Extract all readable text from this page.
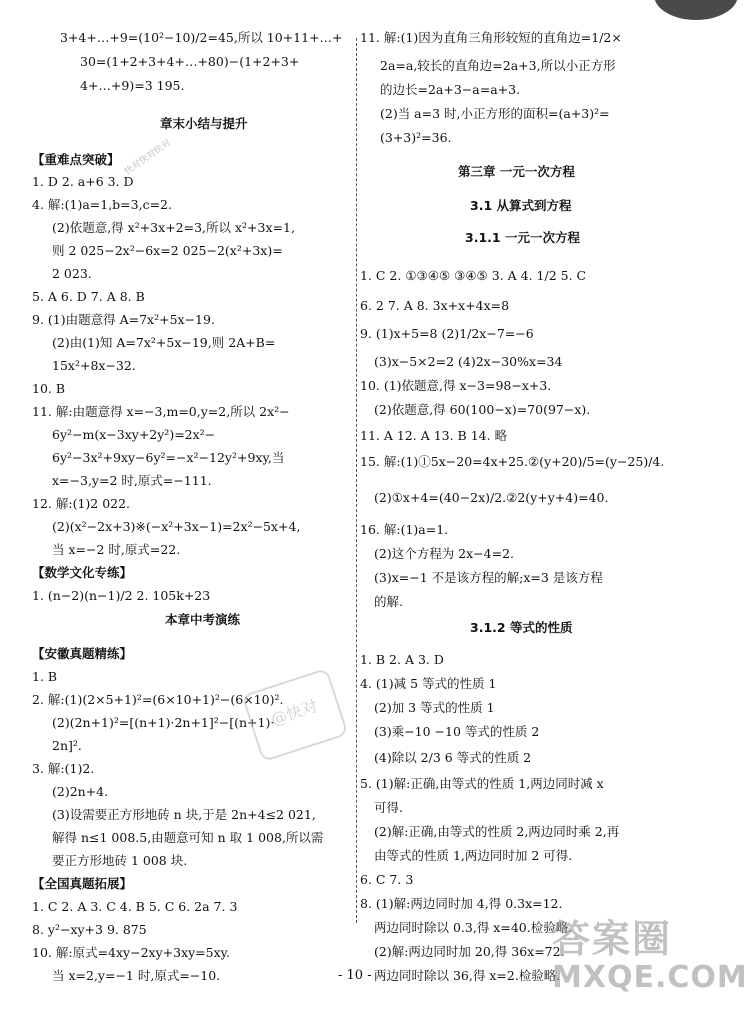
3+4+…+9=(10²−10)/2=45,所以 10+11+…+
30=(1+2+3+4+…+80)−(1+2+3+
4+…+9)=3 195.
章末小结与提升
【重难点突破】
1. D 2. a+6 3. D
4. 解:(1)a=1,b=3,c=2.
(2)依题意,得 x²+3x+2=3,所以 x²+3x=1,
则 2 025−2x²−6x=2 025−2(x²+3x)=
2 023.
5. A 6. D 7. A 8. B
9. (1)由题意得 A=7x²+5x−19.
(2)由(1)知 A=7x²+5x−19,则 2A+B=
15x²+8x−32.
10. B
11. 解:由题意得 x=−3,m=0,y=2,所以 2x²−
6y²−m(x−3xy+2y²)=2x²−
6y²−3x²+9xy−6y²=−x²−12y²+9xy,当
x=−3,y=2 时,原式=−111.
12. 解:(1)2 022.
(2)(x²−2x+3)※(−x²+3x−1)=2x²−5x+4,
当 x=−2 时,原式=22.
【数学文化专练】
1. (n−2)(n−1)/2 2. 105k+23
本章中考演练
【安徽真题精练】
1. B
2. 解:(1)(2×5+1)²=(6×10+1)²−(6×10)².
(2)(2n+1)²=[(n+1)·2n+1]²−[(n+1)·
2n]².
3. 解:(1)2.
(2)2n+4.
(3)设需要正方形地砖 n 块,于是 2n+4≤2 021,
解得 n≤1 008.5,由题意可知 n 取 1 008,所以需
要正方形地砖 1 008 块.
【全国真题拓展】
1. C 2. A 3. C 4. B 5. C 6. 2a 7. 3
8. y²−xy+3 9. 875
10. 解:原式=4xy−2xy+3xy=5xy.
当 x=2,y=−1 时,原式=−10.
11. 解:(1)因为直角三角形较短的直角边=1/2×
2a=a,较长的直角边=2a+3,所以小正方形
的边长=2a+3−a=a+3.
(2)当 a=3 时,小正方形的面积=(a+3)²=
(3+3)²=36.
第三章 一元一次方程
3.1 从算式到方程
3.1.1 一元一次方程
1. C 2. ①③④⑤ ③④⑤ 3. A 4. 1/2 5. C
6. 2 7. A 8. 3x+x+4x=8
9. (1)x+5=8 (2)1/2x−7=−6
(3)x−5×2=2 (4)2x−30%x=34
10. (1)依题意,得 x−3=98−x+3.
(2)依题意,得 60(100−x)=70(97−x).
11. A 12. A 13. B 14. 略
15. 解:(1)①5x−20=4x+25.②(y+20)/5=(y−25)/4.
(2)①x+4=(40−2x)/2.②2(y+y+4)=40.
16. 解:(1)a=1.
(2)这个方程为 2x−4=2.
(3)x=−1 不是该方程的解;x=3 是该方程
的解.
3.1.2 等式的性质
1. B 2. A 3. D
4. (1)减 5 等式的性质 1
(2)加 3 等式的性质 1
(3)乘−10 −10 等式的性质 2
(4)除以 2/3 6 等式的性质 2
5. (1)解:正确,由等式的性质 1,两边同时减 x
可得.
(2)解:正确,由等式的性质 2,两边同时乘 2,再
由等式的性质 1,两边同时加 2 可得.
6. C 7. 3
8. (1)解:两边同时加 4,得 0.3x=12.
两边同时除以 0.3,得 x=40.检验略.
(2)解:两边同时加 20,得 36x=72.
两边同时除以 36,得 x=2.检验略.
快对快对快对
@快对
答案圈
MXQE.COM
- 10 -
